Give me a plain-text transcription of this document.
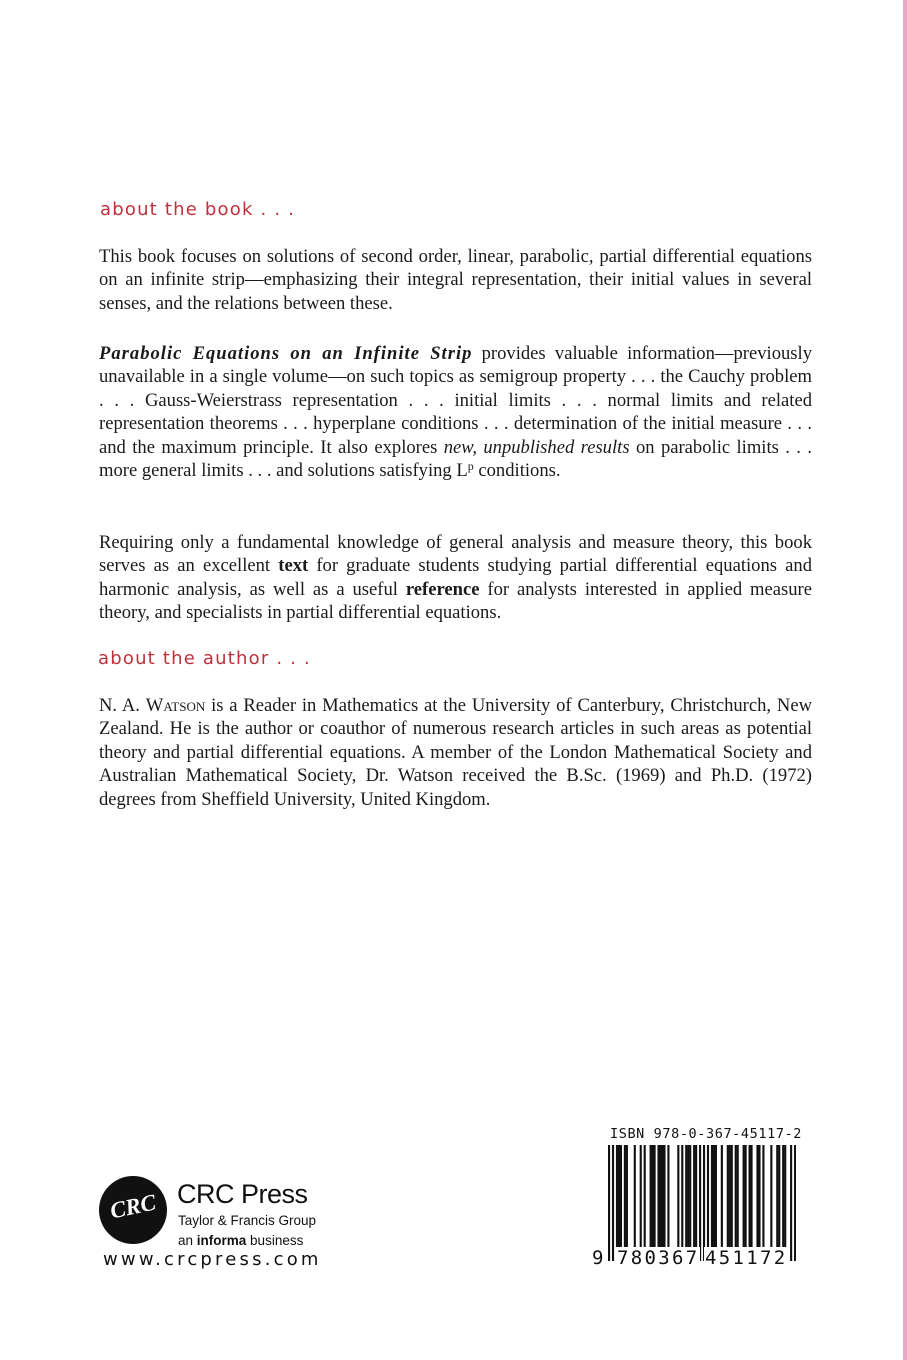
about the book . . .

This book focuses on solutions of second order, linear, parabolic, partial differential equations on an infinite strip—emphasizing their integral representation, their initial values in several senses, and the relations between these.

Parabolic Equations on an Infinite Strip provides valuable information—previously unavailable in a single volume—on such topics as semigroup property . . . the Cauchy problem . . . Gauss-Weierstrass representation . . . initial limits . . . normal limits and related representation theorems . . . hyperplane conditions . . . determination of the initial measure . . . and the maximum principle. It also explores new, unpublished results on parabolic limits . . . more general limits . . . and solutions satisfying $L^p$ conditions.

Requiring only a fundamental knowledge of general analysis and measure theory, this book serves as an excellent text for graduate students studying partial differential equations and harmonic analysis, as well as a useful reference for analysts interested in applied measure theory, and specialists in partial differential equations.

about the author . . .

N. A. Watson is a Reader in Mathematics at the University of Canterbury, Christchurch, New Zealand. He is the author or coauthor of numerous research articles in such areas as potential theory and partial differential equations. A member of the London Mathematical Society and Australian Mathematical Society, Dr. Watson received the B.Sc. (1969) and Ph.D. (1972) degrees from Sheffield University, United Kingdom.

CRC CRC Press
Taylor & Francis Group
an informa business
www.crcpress.com
ISBN 978-0-367-45117-2
9 780367 451172
